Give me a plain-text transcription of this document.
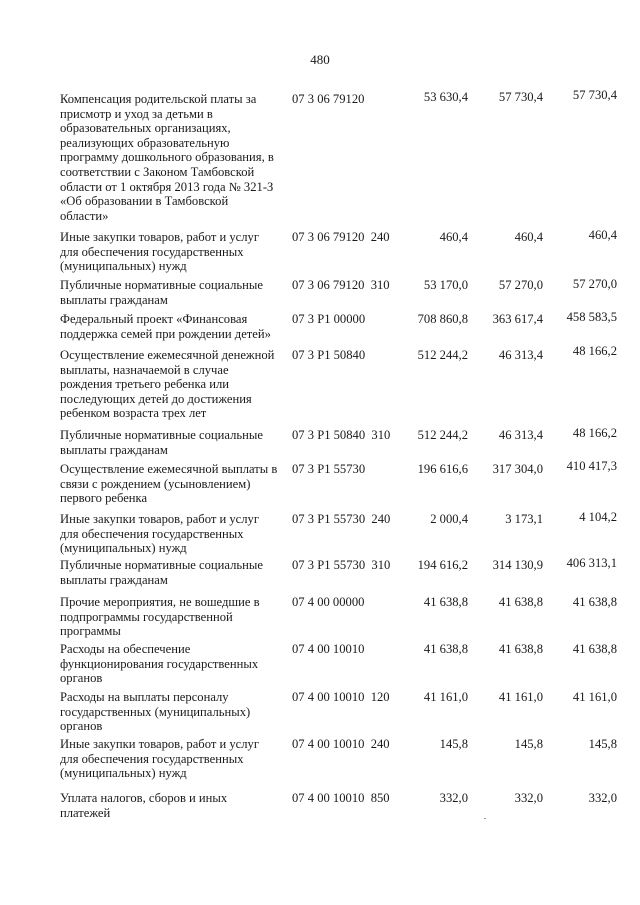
480
Компенсация родительской платы за
присмотр и уход за детьми в
образовательных организациях,
реализующих образовательную
программу дошкольного образования, в
соответствии с Законом Тамбовской
области от 1 октября 2013 года № 321-З
«Об образовании в Тамбовской
области»
07 3 06 79120	53 630,4	57 730,4	57 730,4
Иные закупки товаров, работ и услуг
для обеспечения государственных
(муниципальных) нужд
07 3 06 79120  240	460,4	460,4	460,4
Публичные нормативные социальные
выплаты гражданам
07 3 06 79120  310	53 170,0	57 270,0	57 270,0
Федеральный проект «Финансовая
поддержка семей при рождении детей»
07 3 Р1 00000	708 860,8	363 617,4	458 583,5
Осуществление ежемесячной денежной
выплаты, назначаемой в случае
рождения третьего ребенка или
последующих детей до достижения
ребенком возраста трех лет
07 3 Р1 50840	512 244,2	46 313,4	48 166,2
Публичные нормативные социальные
выплаты гражданам
07 3 Р1 50840  310	512 244,2	46 313,4	48 166,2
Осуществление ежемесячной выплаты в
связи с рождением (усыновлением)
первого ребенка
07 3 Р1 55730	196 616,6	317 304,0	410 417,3
Иные закупки товаров, работ и услуг
для обеспечения государственных
(муниципальных) нужд
07 3 Р1 55730  240	2 000,4	3 173,1	4 104,2
Публичные нормативные социальные
выплаты гражданам
07 3 Р1 55730  310	194 616,2	314 130,9	406 313,1
Прочие мероприятия, не вошедшие в
подпрограммы государственной
программы
07 4 00 00000	41 638,8	41 638,8	41 638,8
Расходы на обеспечение
функционирования государственных
органов
07 4 00 10010	41 638,8	41 638,8	41 638,8
Расходы на выплаты персоналу
государственных (муниципальных)
органов
07 4 00 10010  120	41 161,0	41 161,0	41 161,0
Иные закупки товаров, работ и услуг
для обеспечения государственных
(муниципальных) нужд
07 4 00 10010  240	145,8	145,8	145,8
Уплата налогов, сборов и иных
платежей
07 4 00 10010  850	332,0	332,0	332,0
